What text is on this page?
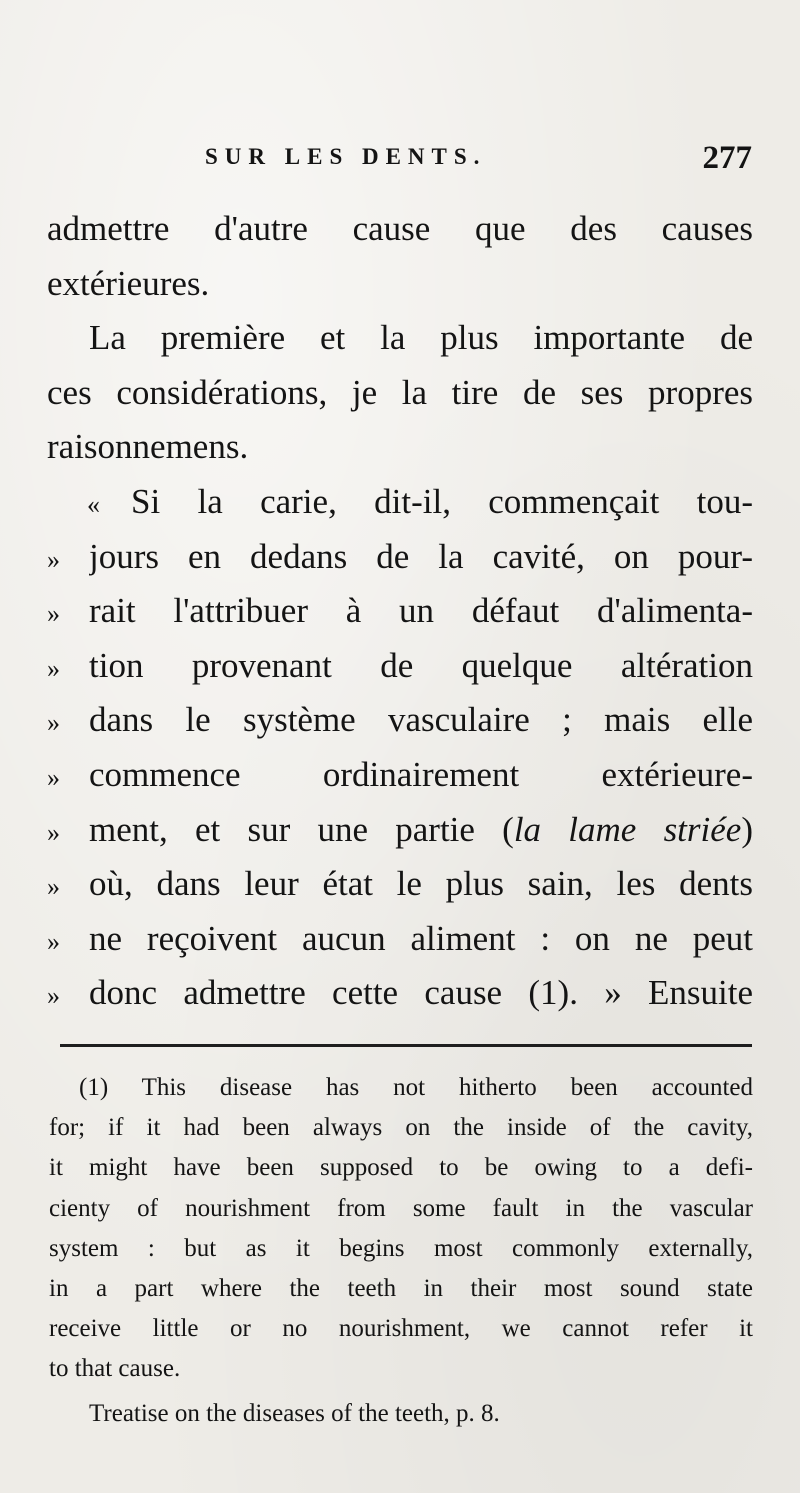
SUR LES DENTS.	277
admettre d'autre cause que des causes
extérieures.
La première et la plus importante de
ces considérations, je la tire de ses propres
raisonnemens.
« Si la carie, dit-il, commençait tou-
» jours en dedans de la cavité, on pour-
» rait l'attribuer à un défaut d'alimenta-
» tion provenant de quelque altération
» dans le système vasculaire ; mais elle
» commence ordinairement extérieure-
» ment, et sur une partie (la lame striée)
» où, dans leur état le plus sain, les dents
» ne reçoivent aucun aliment : on ne peut
» donc admettre cette cause (1). » Ensuite
(1) This disease has not hitherto been accounted
for; if it had been always on the inside of the cavity,
it might have been supposed to be owing to a defi-
cienty of nourishment from some fault in the vascular
system : but as it begins most commonly externally,
in a part where the teeth in their most sound state
receive little or no nourishment, we cannot refer it
to that cause.
Treatise on the diseases of the teeth, p. 8.
